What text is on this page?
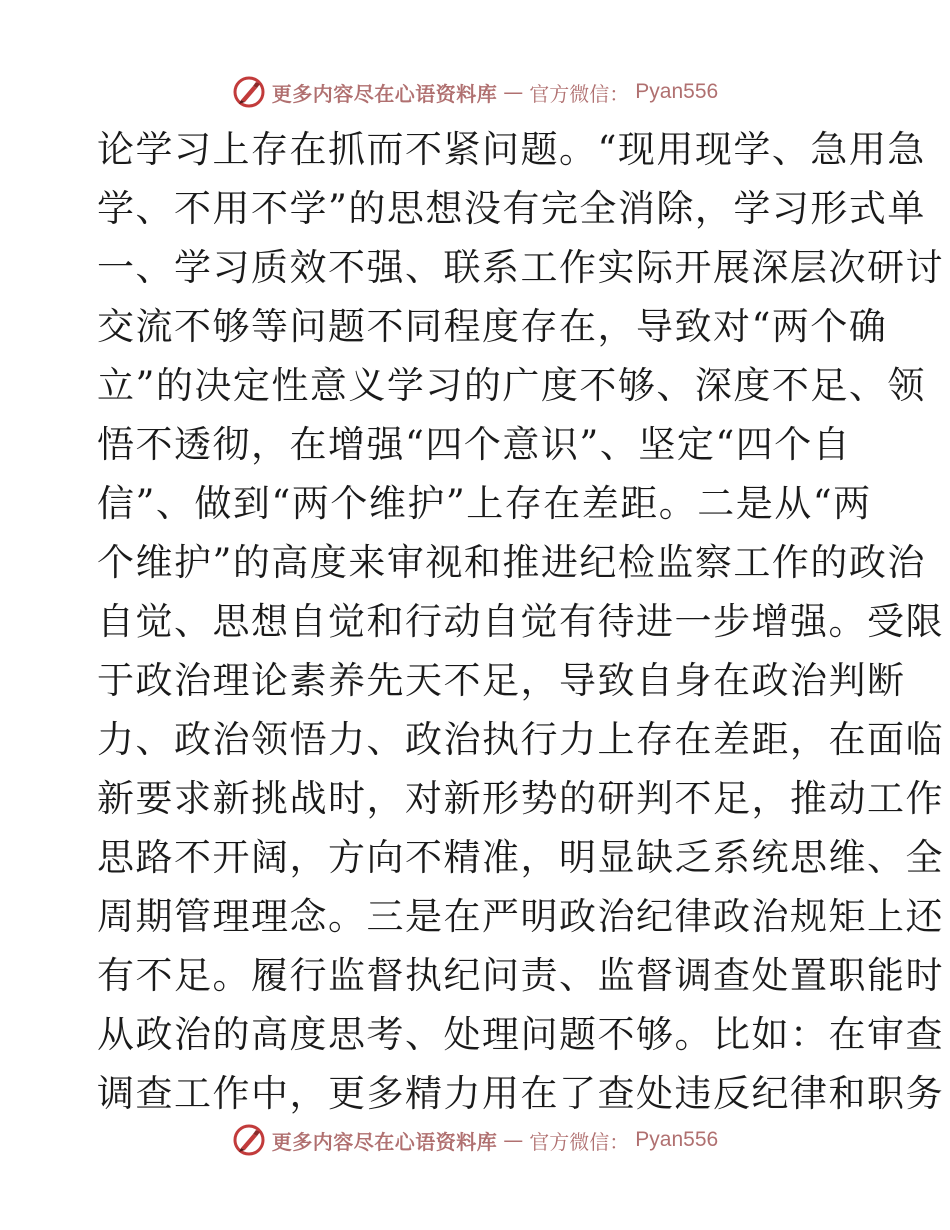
更多内容尽在心语资料库 — 官方微信： Pyan556
论学习上存在抓而不紧问题。“现用现学、急用急
学、不用不学”的思想没有完全消除，学习形式单
一、学习质效不强、联系工作实际开展深层次研讨
交流不够等问题不同程度存在，导致对“两个确
立”的决定性意义学习的广度不够、深度不足、领
悟不透彻，在增强“四个意识”、坚定“四个自
信”、做到“两个维护”上存在差距。二是从“两
个维护”的高度来审视和推进纪检监察工作的政治
自觉、思想自觉和行动自觉有待进一步增强。受限
于政治理论素养先天不足，导致自身在政治判断
力、政治领悟力、政治执行力上存在差距，在面临
新要求新挑战时，对新形势的研判不足，推动工作
思路不开阔，方向不精准，明显缺乏系统思维、全
周期管理理念。三是在严明政治纪律政治规矩上还
有不足。履行监督执纪问责、监督调查处置职能时
从政治的高度思考、处理问题不够。比如：在审查
调查工作中，更多精力用在了查处违反纪律和职务
更多内容尽在心语资料库 — 官方微信： Pyan556
